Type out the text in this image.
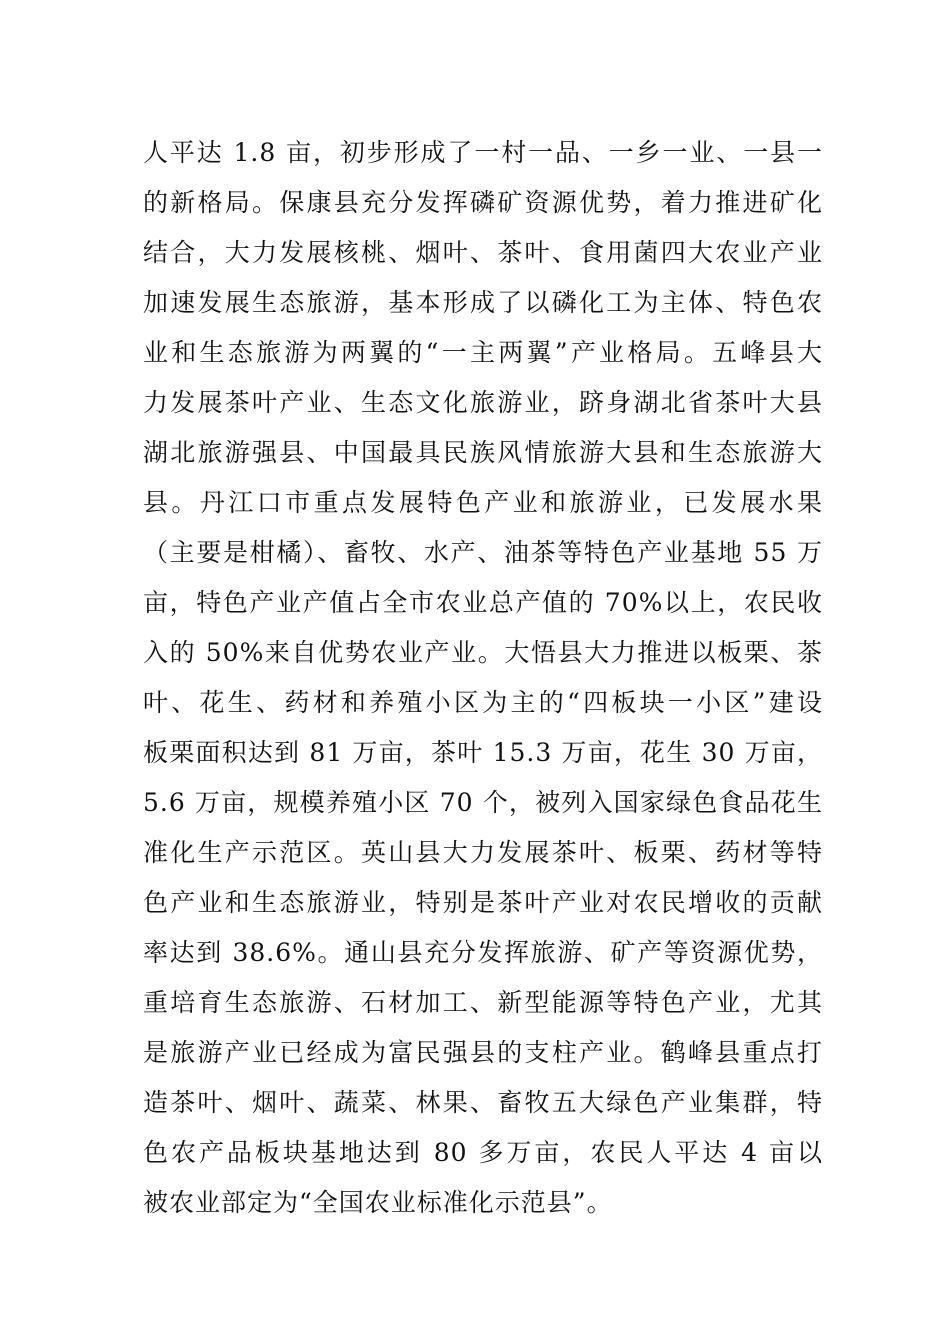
人平达 1.8 亩，初步形成了一村一品、一乡一业、一县一
的新格局。保康县充分发挥磷矿资源优势，着力推进矿化
结合，大力发展核桃、烟叶、茶叶、食用菌四大农业产业
加速发展生态旅游，基本形成了以磷化工为主体、特色农
业和生态旅游为两翼的“一主两翼”产业格局。五峰县大
力发展茶叶产业、生态文化旅游业，跻身湖北省茶叶大县
湖北旅游强县、中国最具民族风情旅游大县和生态旅游大
县。丹江口市重点发展特色产业和旅游业，已发展水果
（主要是柑橘）、畜牧、水产、油茶等特色产业基地 55 万
亩，特色产业产值占全市农业总产值的 70%以上，农民收
入的 50%来自优势农业产业。大悟县大力推进以板栗、茶
叶、花生、药材和养殖小区为主的“四板块一小区”建设
板栗面积达到 81 万亩，茶叶 15.3 万亩，花生 30 万亩，
5.6 万亩，规模养殖小区 70 个，被列入国家绿色食品花生
准化生产示范区。英山县大力发展茶叶、板栗、药材等特
色产业和生态旅游业，特别是茶叶产业对农民增收的贡献
率达到 38.6%。通山县充分发挥旅游、矿产等资源优势，
重培育生态旅游、石材加工、新型能源等特色产业，尤其
是旅游产业已经成为富民强县的支柱产业。鹤峰县重点打
造茶叶、烟叶、蔬菜、林果、畜牧五大绿色产业集群，特
色农产品板块基地达到 80 多万亩，农民人平达 4 亩以
被农业部定为“全国农业标准化示范县”。
